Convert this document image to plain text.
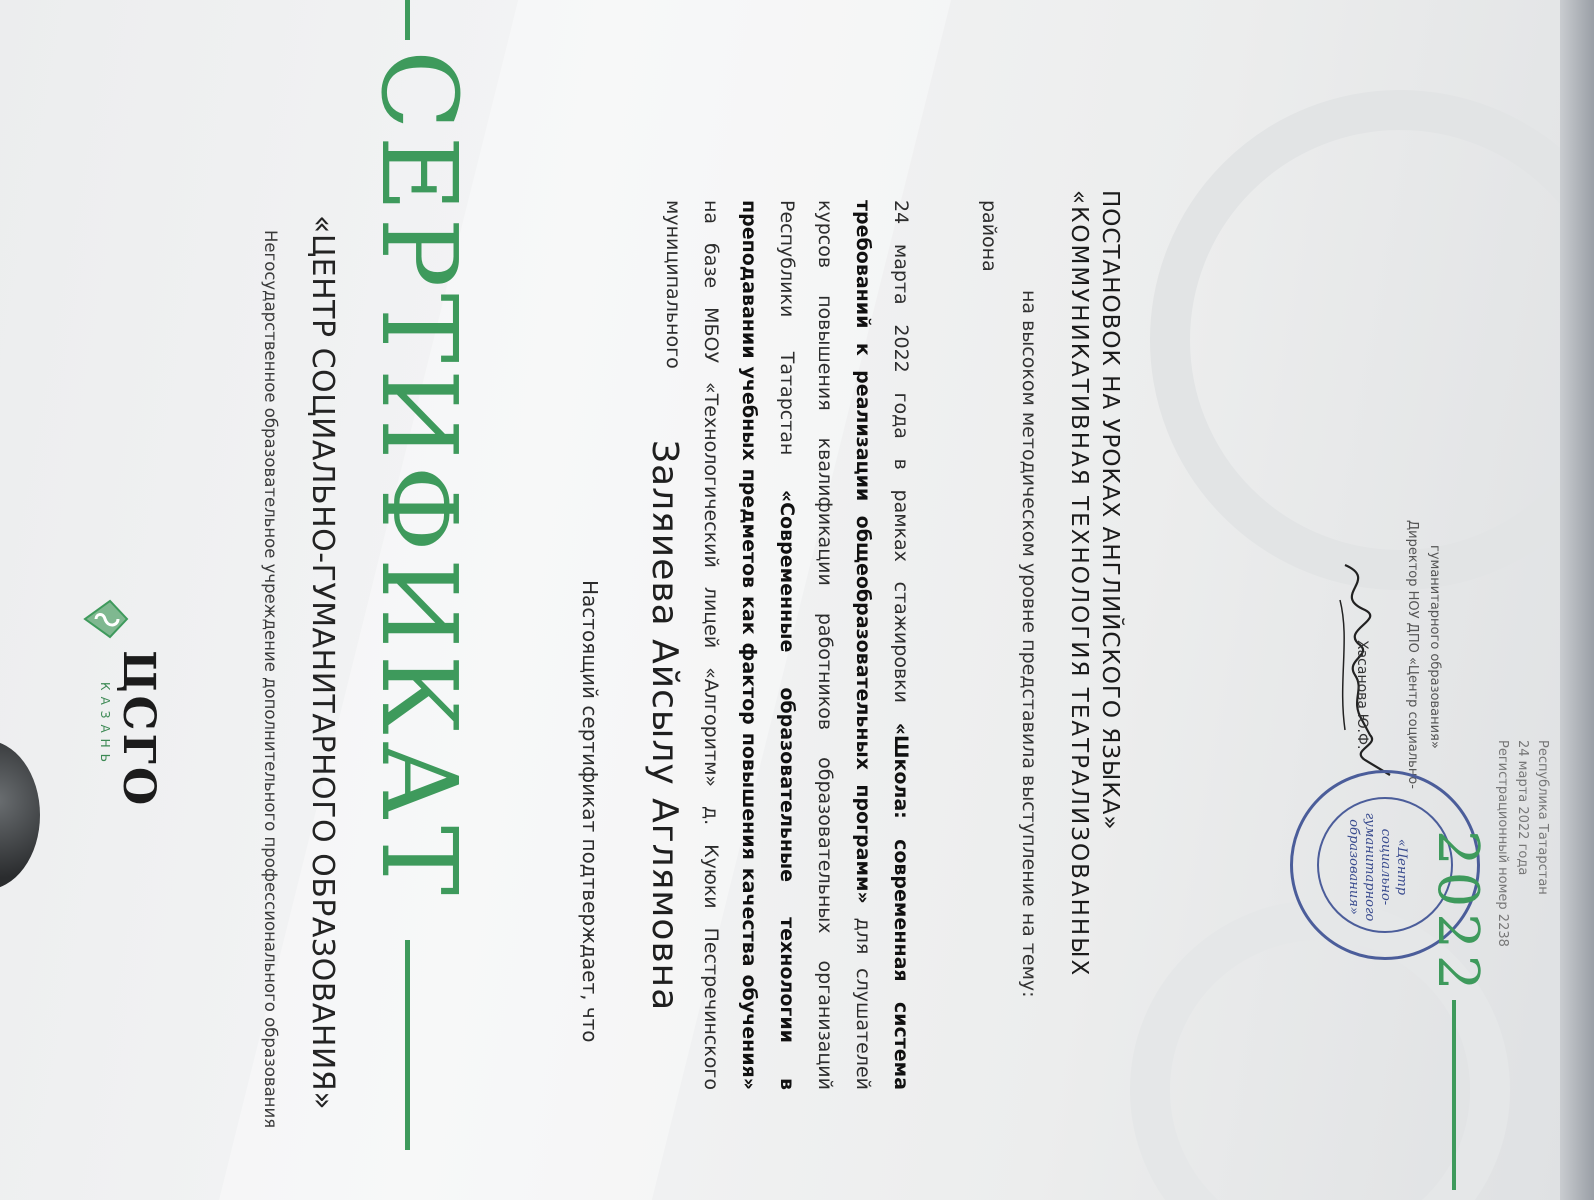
ЦСГО
КАЗАНЬ	Негосударственное образовательное учреждение дополнительного профессионального образования «ЦЕНТР СОЦИАЛЬНО-ГУМАНИТАРНОГО ОБРАЗОВАНИЯ» СЕРТИФИКАТ	Настоящий сертификат подтверждает, что Заляиева Айсылу Аглямовна	24 марта 2022 года в рамках стажировки «Школа: современная система требований к реализации общеобразовательных программ» для слушателей курсов повышения квалификации работников образовательных организаций Республики Татарстан «Современные образовательные технологии в преподавании учебных предметов как фактор повышения качества обучения» на базе МБОУ «Технологический лицей «Алгоритм» д. Куюки Пестречинского муниципального	района
на высоком методическом уровне представила выступление на тему: «КОММУНИКАТИВНАЯ ТЕХНОЛОГИЯ ТЕАТРАЛИЗОВАННЫХ ПОСТАНОВОК НА УРОКАХ АНГЛИЙСКОГО ЯЗЫКА»	Хасанова Ю.Ф.	Директор НОУ ДПО «Центр социально- гуманитарного образования»
«Центр
социально-
гуманитарного
образования»	2022 Регистрационный номер 2238 24 марта 2022 года Республика Татарстан
